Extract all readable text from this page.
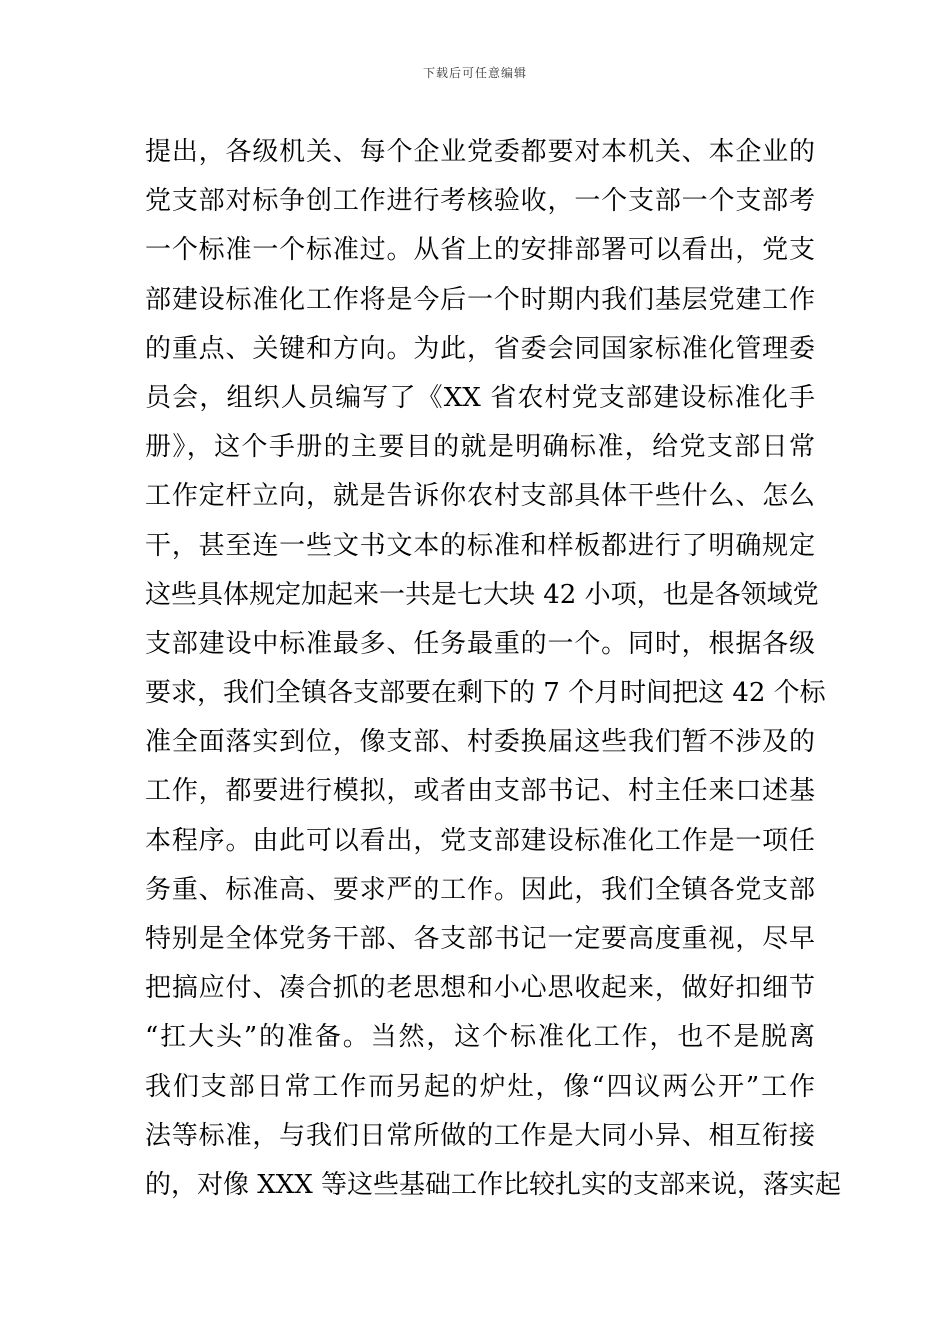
下载后可任意编辑
提出，各级机关、每个企业党委都要对本机关、本企业的
党支部对标争创工作进行考核验收，一个支部一个支部考
一个标准一个标准过。从省上的安排部署可以看出，党支
部建设标准化工作将是今后一个时期内我们基层党建工作
的重点、关键和方向。为此，省委会同国家标准化管理委
员会，组织人员编写了《XX 省农村党支部建设标准化手
册》，这个手册的主要目的就是明确标准，给党支部日常
工作定杆立向，就是告诉你农村支部具体干些什么、怎么
干，甚至连一些文书文本的标准和样板都进行了明确规定
这些具体规定加起来一共是七大块 42 小项，也是各领域党
支部建设中标准最多、任务最重的一个。同时，根据各级
要求，我们全镇各支部要在剩下的 7 个月时间把这 42 个标
准全面落实到位，像支部、村委换届这些我们暂不涉及的
工作，都要进行模拟，或者由支部书记、村主任来口述基
本程序。由此可以看出，党支部建设标准化工作是一项任
务重、标准高、要求严的工作。因此，我们全镇各党支部
特别是全体党务干部、各支部书记一定要高度重视，尽早
把搞应付、凑合抓的老思想和小心思收起来，做好扣细节
“扛大头”的准备。当然，这个标准化工作，也不是脱离
我们支部日常工作而另起的炉灶，像“四议两公开”工作
法等标准，与我们日常所做的工作是大同小异、相互衔接
的，对像 XXX 等这些基础工作比较扎实的支部来说，落实起
